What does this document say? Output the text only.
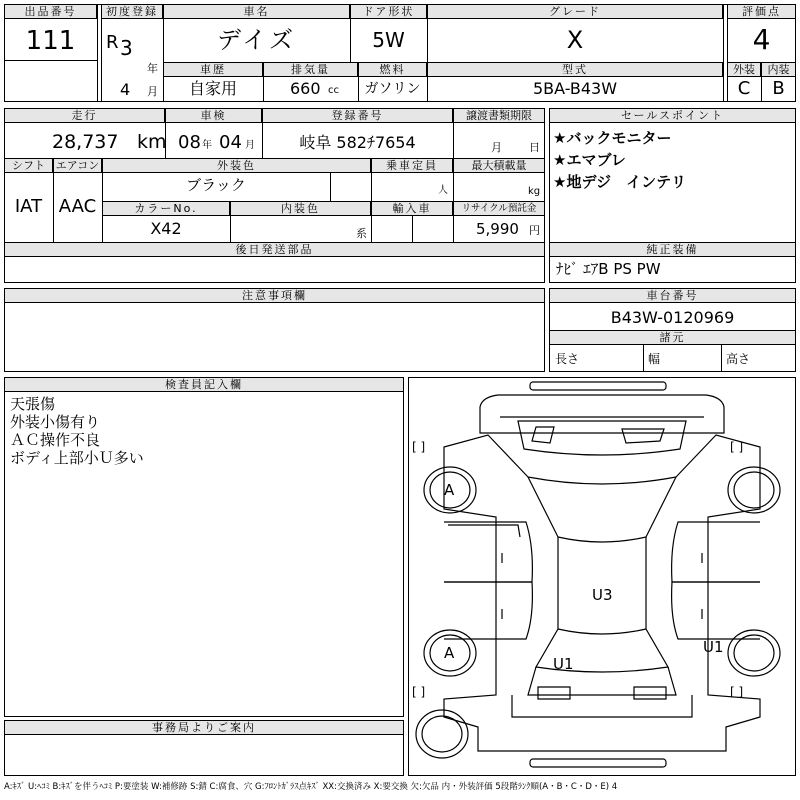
出品番号
111
初度登録
R 3
年
4 月
車名
デイズ
ドア形状
5W
グレード
X
評価点
4
車歴
自家用
排気量
660 cc
燃料
ガソリン
型式
5BA-B43W
外装	内装
C	B
走行
28,737 km
車検
08 年 04 月
登録番号
岐阜 582ﾁ7654
譲渡書類期限
月 日
シフト
IAT
エアコン
AAC
外装色
ブラック
乗車定員
人
最大積載量
kg
カラーNo.
X42
内装色
系
輸入車	リサイクル預託金
5,990 円
後日発送部品
セールスポイント
★バックモニター
★エマブレ
★地デジ　インテリ
純正装備
ﾅﾋﾞ ｴｱB PS PW
注意事項欄	車台番号
B43W-0120969
諸元
長さ	幅	高さ
検査員記入欄
天張傷
外装小傷有り
ＡＣ操作不良
ボディ上部小Ｕ多い
事務局よりご案内
[ ]	[ ]
[ ]	[ ]
A
A
U3
U1
U1
A:ｷｽﾞ U:ﾍｺﾐ B:ｷｽﾞを伴うﾍｺﾐ P:要塗装 W:補修跡 S:錆 C:腐食、穴 G:ﾌﾛﾝﾄｶﾞﾗｽ点ｷｽﾞ XX:交換済み X:要交換 欠:欠品 内・外装評価 5段階ﾗﾝｸ順(A・B・C・D・E) 4
